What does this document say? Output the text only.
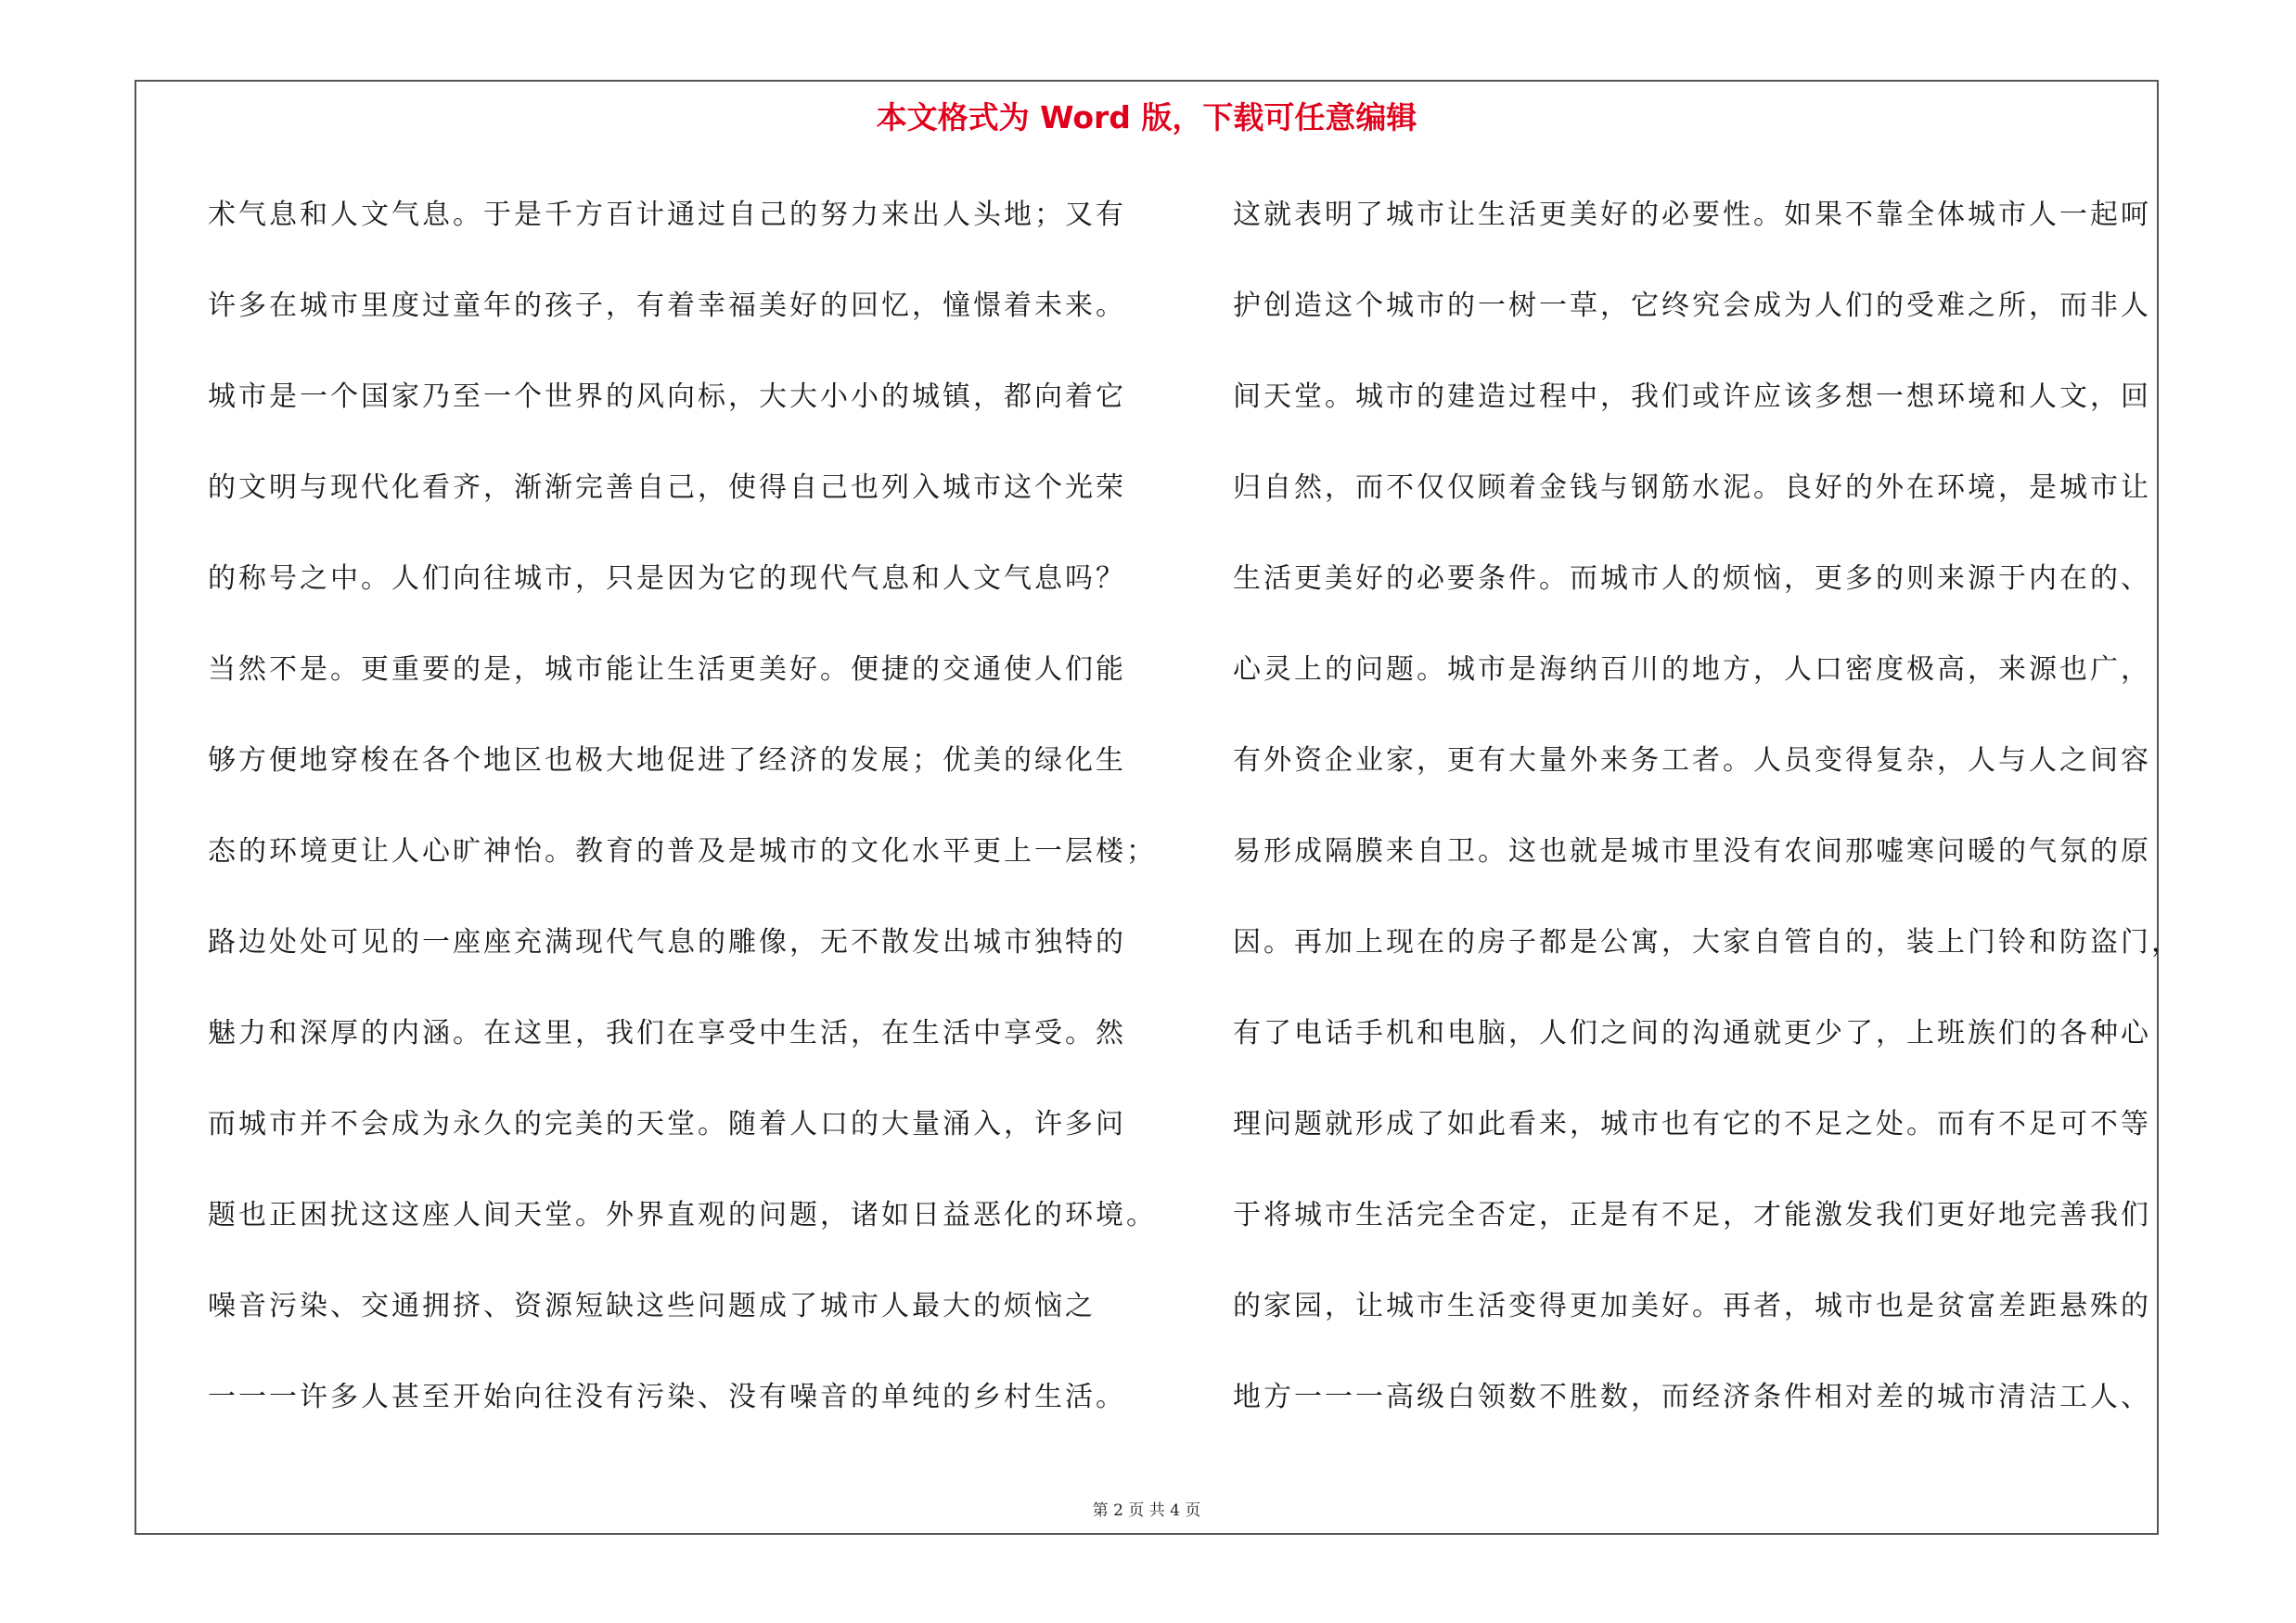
本文格式为 Word 版，下载可任意编辑
术气息和人文气息。于是千方百计通过自己的努力来出人头地；又有
许多在城市里度过童年的孩子，有着幸福美好的回忆，憧憬着未来。
城市是一个国家乃至一个世界的风向标，大大小小的城镇，都向着它
的文明与现代化看齐，渐渐完善自己，使得自己也列入城市这个光荣
的称号之中。人们向往城市，只是因为它的现代气息和人文气息吗？
当然不是。更重要的是，城市能让生活更美好。便捷的交通使人们能
够方便地穿梭在各个地区也极大地促进了经济的发展；优美的绿化生
态的环境更让人心旷神怡。教育的普及是城市的文化水平更上一层楼；
路边处处可见的一座座充满现代气息的雕像，无不散发出城市独特的
魅力和深厚的内涵。在这里，我们在享受中生活，在生活中享受。然
而城市并不会成为永久的完美的天堂。随着人口的大量涌入，许多问
题也正困扰这这座人间天堂。外界直观的问题，诸如日益恶化的环境。
噪音污染、交通拥挤、资源短缺这些问题成了城市人最大的烦恼之
一一一许多人甚至开始向往没有污染、没有噪音的单纯的乡村生活。
这就表明了城市让生活更美好的必要性。如果不靠全体城市人一起呵
护创造这个城市的一树一草，它终究会成为人们的受难之所，而非人
间天堂。城市的建造过程中，我们或许应该多想一想环境和人文，回
归自然，而不仅仅顾着金钱与钢筋水泥。良好的外在环境，是城市让
生活更美好的必要条件。而城市人的烦恼，更多的则来源于内在的、
心灵上的问题。城市是海纳百川的地方，人口密度极高，来源也广，
有外资企业家，更有大量外来务工者。人员变得复杂，人与人之间容
易形成隔膜来自卫。这也就是城市里没有农间那嘘寒问暖的气氛的原
因。再加上现在的房子都是公寓，大家自管自的，装上门铃和防盗门，
有了电话手机和电脑，人们之间的沟通就更少了，上班族们的各种心
理问题就形成了如此看来，城市也有它的不足之处。而有不足可不等
于将城市生活完全否定，正是有不足，才能激发我们更好地完善我们
的家园，让城市生活变得更加美好。再者，城市也是贫富差距悬殊的
地方一一一高级白领数不胜数，而经济条件相对差的城市清洁工人、
第 2 页 共 4 页
